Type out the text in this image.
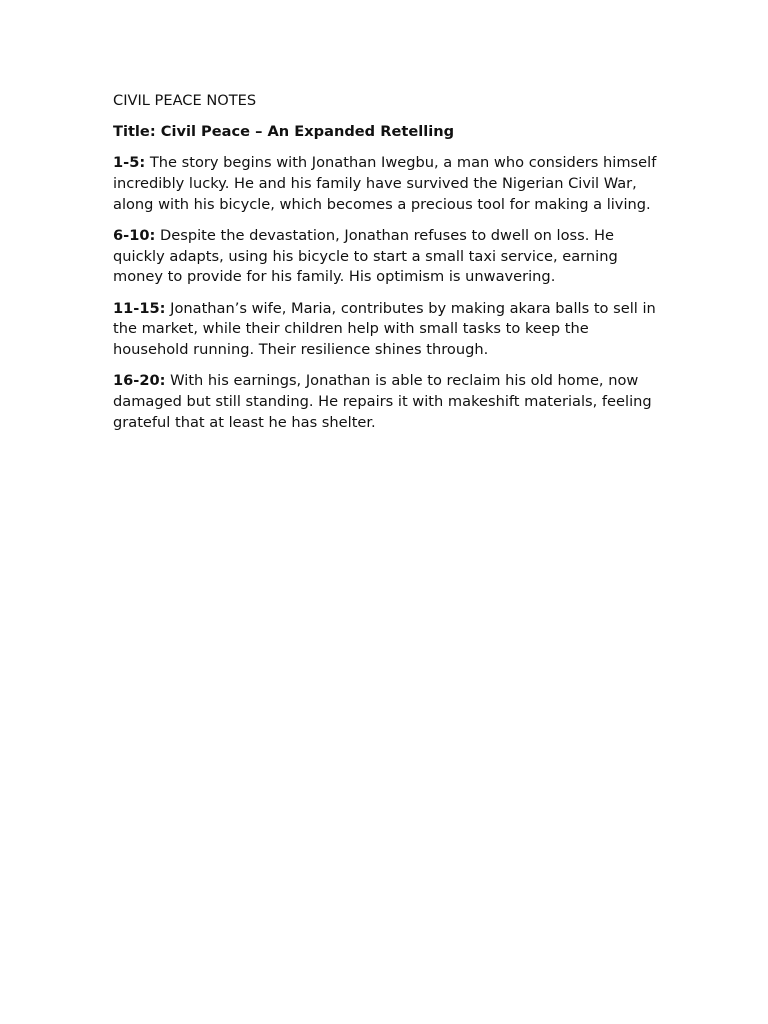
CIVIL PEACE NOTES

Title: Civil Peace – An Expanded Retelling

1-5: The story begins with Jonathan Iwegbu, a man who considers himself incredibly lucky. He and his family have survived the Nigerian Civil War, along with his bicycle, which becomes a precious tool for making a living.

6-10: Despite the devastation, Jonathan refuses to dwell on loss. He quickly adapts, using his bicycle to start a small taxi service, earning money to provide for his family. His optimism is unwavering.

11-15: Jonathan’s wife, Maria, contributes by making akara balls to sell in the market, while their children help with small tasks to keep the household running. Their resilience shines through.

16-20: With his earnings, Jonathan is able to reclaim his old home, now damaged but still standing. He repairs it with makeshift materials, feeling grateful that at least he has shelter.
